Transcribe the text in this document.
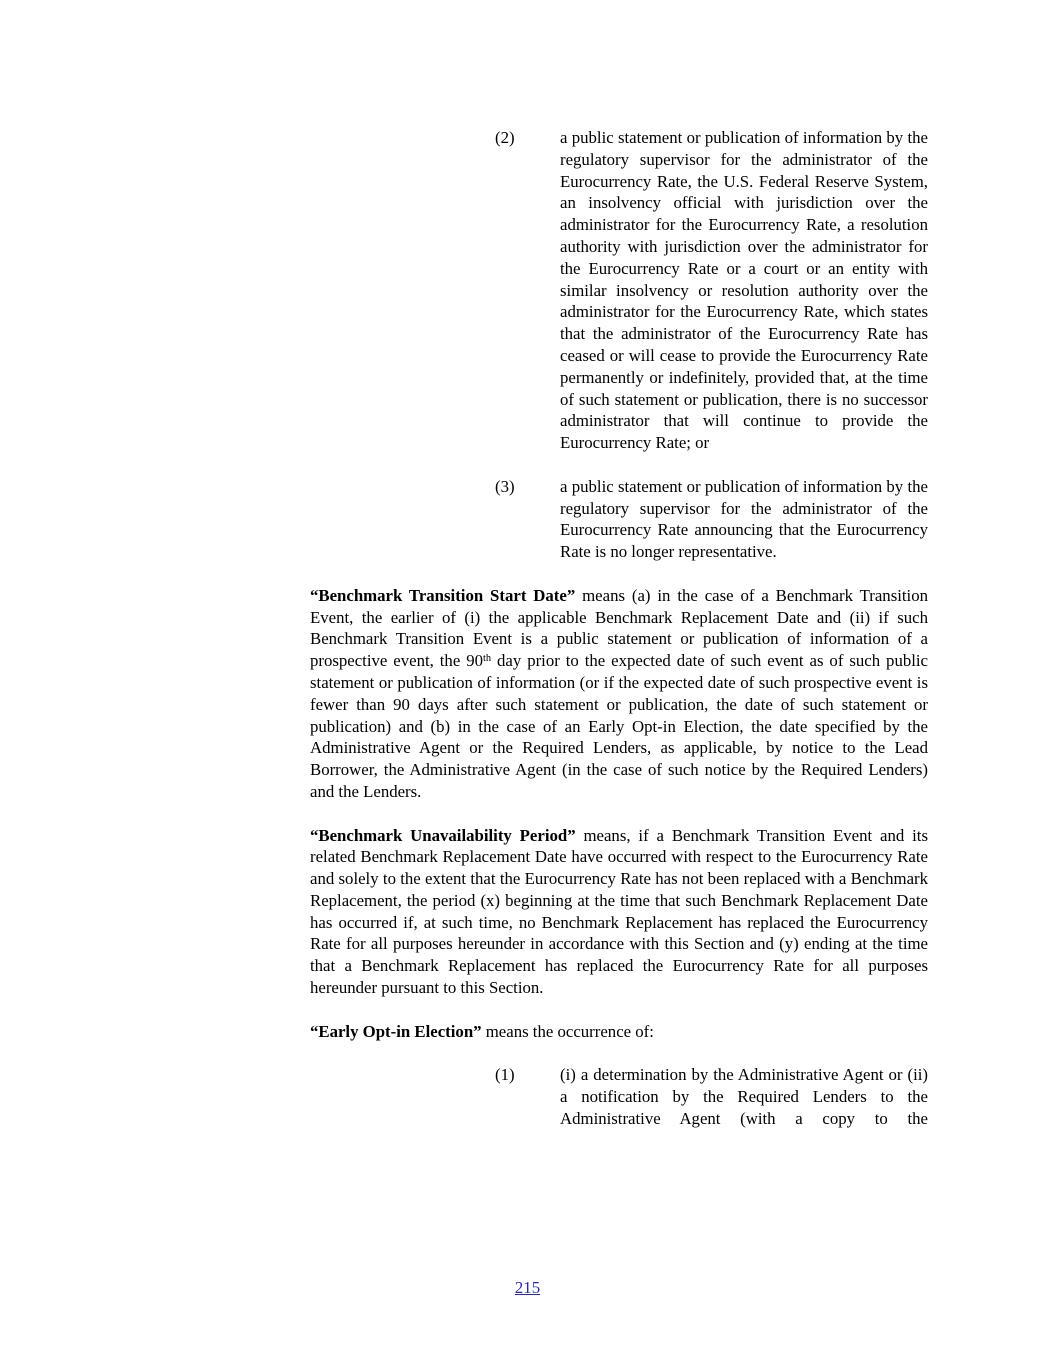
(2)	a public statement or publication of information by the regulatory supervisor for the administrator of the Eurocurrency Rate, the U.S. Federal Reserve System, an insolvency official with jurisdiction over the administrator for the Eurocurrency Rate, a resolution authority with jurisdiction over the administrator for the Eurocurrency Rate or a court or an entity with similar insolvency or resolution authority over the administrator for the Eurocurrency Rate, which states that the administrator of the Eurocurrency Rate has ceased or will cease to provide the Eurocurrency Rate permanently or indefinitely, provided that, at the time of such statement or publication, there is no successor administrator that will continue to provide the Eurocurrency Rate; or
(3)	a public statement or publication of information by the regulatory supervisor for the administrator of the Eurocurrency Rate announcing that the Eurocurrency Rate is no longer representative.

“Benchmark Transition Start Date” means (a) in the case of a Benchmark Transition Event, the earlier of (i) the applicable Benchmark Replacement Date and (ii) if such Benchmark Transition Event is a public statement or publication of information of a prospective event, the 90th day prior to the expected date of such event as of such public statement or publication of information (or if the expected date of such prospective event is fewer than 90 days after such statement or publication, the date of such statement or publication) and (b) in the case of an Early Opt-in Election, the date specified by the Administrative Agent or the Required Lenders, as applicable, by notice to the Lead Borrower, the Administrative Agent (in the case of such notice by the Required Lenders) and the Lenders.

“Benchmark Unavailability Period” means, if a Benchmark Transition Event and its related Benchmark Replacement Date have occurred with respect to the Eurocurrency Rate and solely to the extent that the Eurocurrency Rate has not been replaced with a Benchmark Replacement, the period (x) beginning at the time that such Benchmark Replacement Date has occurred if, at such time, no Benchmark Replacement has replaced the Eurocurrency Rate for all purposes hereunder in accordance with this Section and (y) ending at the time that a Benchmark Replacement has replaced the Eurocurrency Rate for all purposes hereunder pursuant to this Section.

“Early Opt-in Election” means the occurrence of:

(1)	(i) a determination by the Administrative Agent or (ii) a notification by the Required Lenders to the Administrative Agent (with a copy to the
215
